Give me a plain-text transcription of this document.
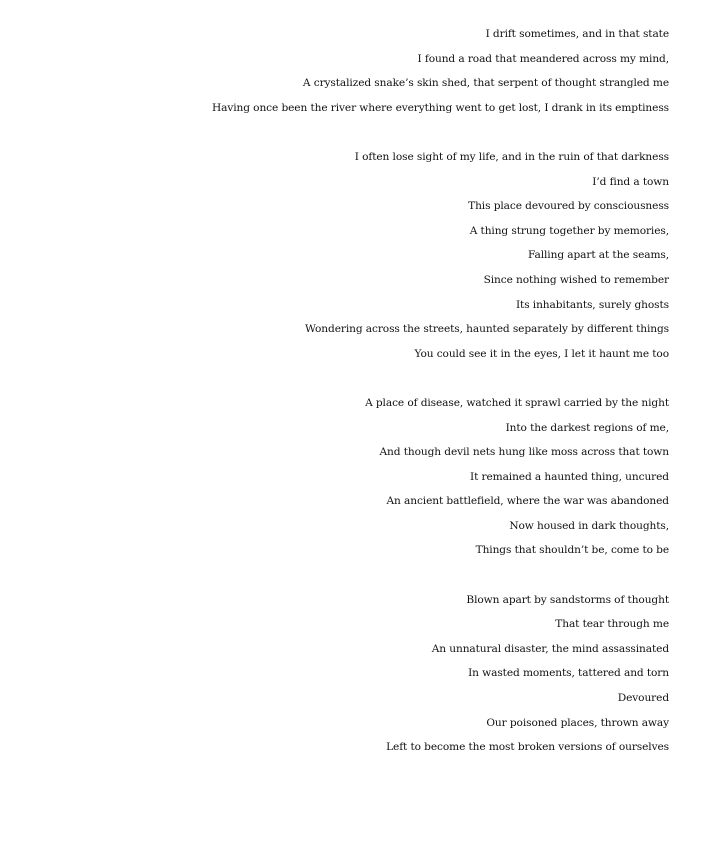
I drift sometimes, and in that state
I found a road that meandered across my mind,
A crystalized snake’s skin shed, that serpent of thought strangled me
Having once been the river where everything went to get lost, I drank in its emptiness
I often lose sight of my life, and in the ruin of that darkness
I’d find a town
This place devoured by consciousness
A thing strung together by memories,
Falling apart at the seams,
Since nothing wished to remember
Its inhabitants, surely ghosts
Wondering across the streets, haunted separately by different things
You could see it in the eyes, I let it haunt me too
A place of disease, watched it sprawl carried by the night
Into the darkest regions of me,
And though devil nets hung like moss across that town
It remained a haunted thing, uncured
An ancient battlefield, where the war was abandoned
Now housed in dark thoughts,
Things that shouldn’t be, come to be
Blown apart by sandstorms of thought
That tear through me
An unnatural disaster, the mind assassinated
In wasted moments, tattered and torn
Devoured
Our poisoned places, thrown away
Left to become the most broken versions of ourselves
